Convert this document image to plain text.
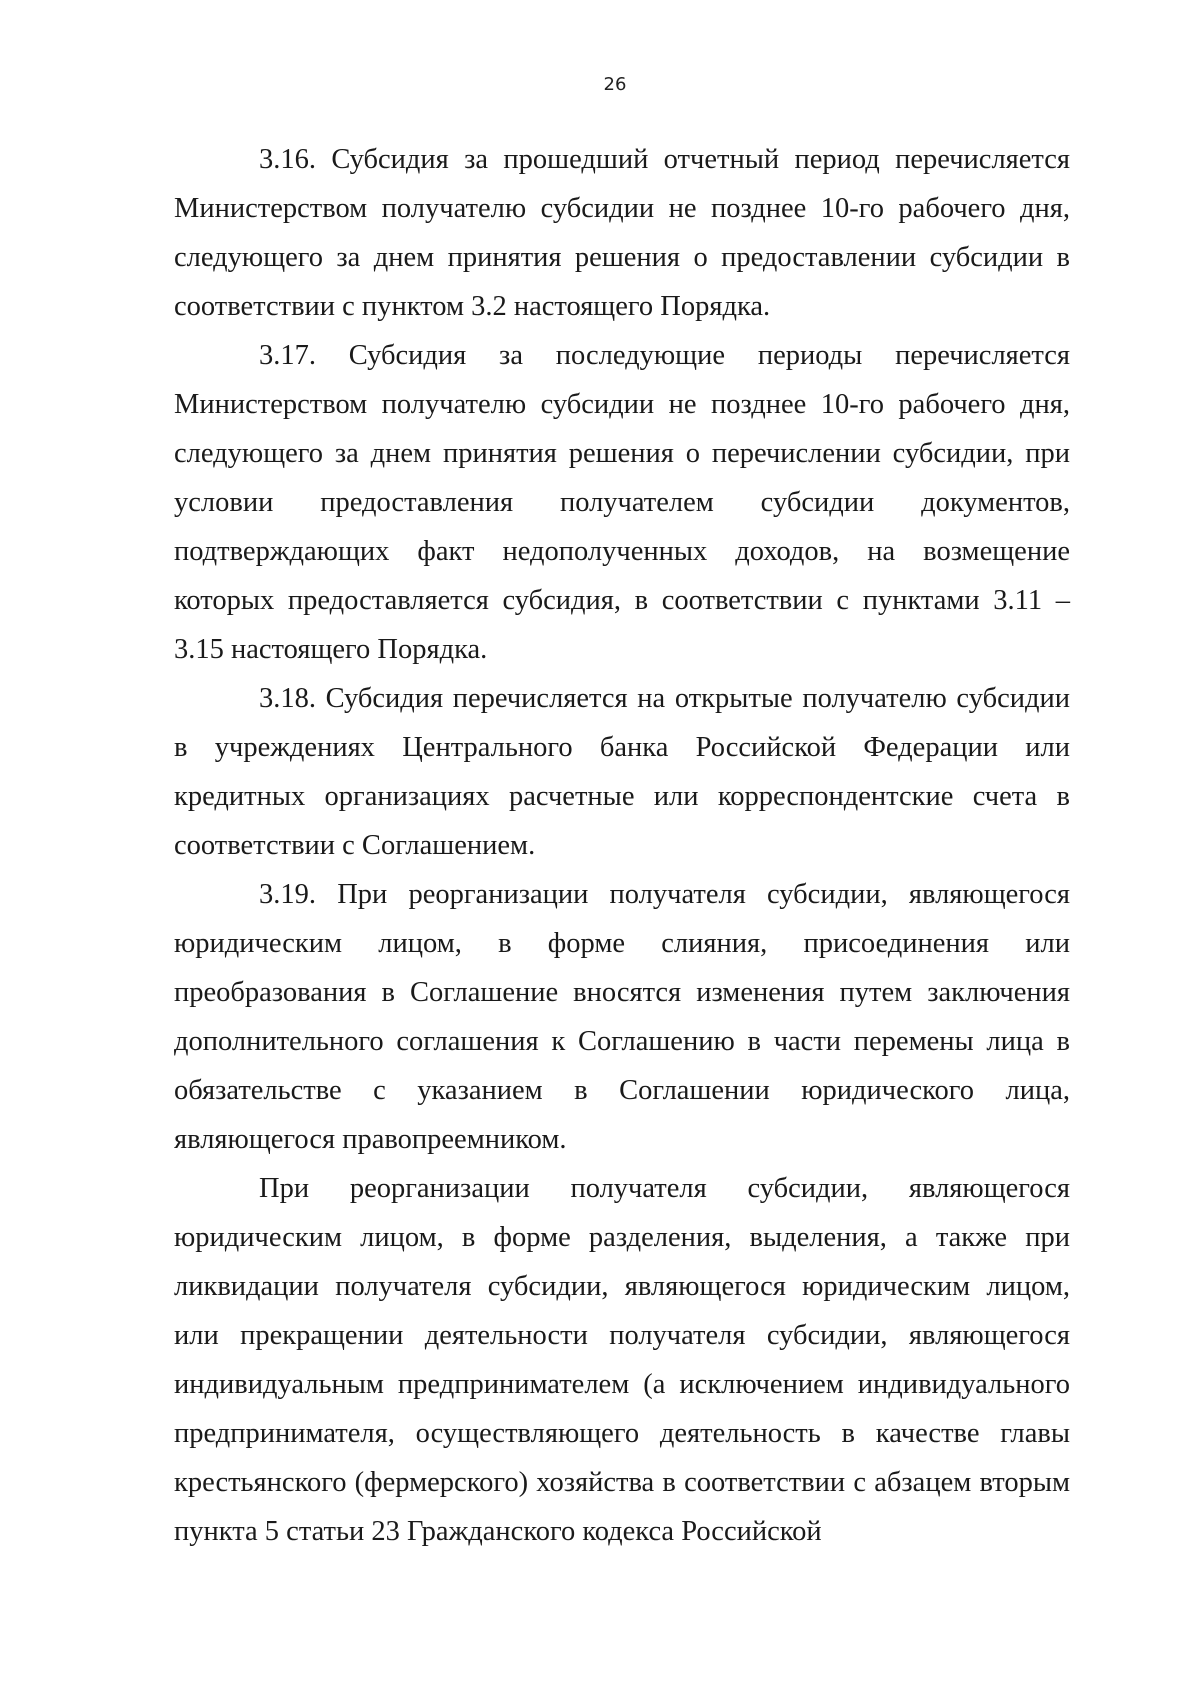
26

3.16. Субсидия за прошедший отчетный период перечисляется Министерством получателю субсидии не позднее 10-го рабочего дня, следующего за днем принятия решения о предоставлении субсидии в соответствии с пунктом 3.2 настоящего Порядка.

3.17. Субсидия за последующие периоды перечисляется Министерством получателю субсидии не позднее 10-го рабочего дня, следующего за днем принятия решения о перечислении субсидии, при условии предоставления получателем субсидии документов, подтверждающих факт недополученных доходов, на возмещение которых предоставляется субсидия, в соответствии с пунктами 3.11 – 3.15 настоящего Порядка.

3.18. Субсидия перечисляется на открытые получателю субсидии в учреждениях Центрального банка Российской Федерации или кредитных организациях расчетные или корреспондентские счета в соответствии с Соглашением.

3.19. При реорганизации получателя субсидии, являющегося юридическим лицом, в форме слияния, присоединения или преобразования в Соглашение вносятся изменения путем заключения дополнительного соглашения к Соглашению в части перемены лица в обязательстве с указанием в Соглашении юридического лица, являющегося правопреемником.

При реорганизации получателя субсидии, являющегося юридическим лицом, в форме разделения, выделения, а также при ликвидации получателя субсидии, являющегося юридическим лицом, или прекращении деятельности получателя субсидии, являющегося индивидуальным предпринимателем (а исключением индивидуального предпринимателя, осуществляющего деятельность в качестве главы крестьянского (фермерского) хозяйства в соответствии с абзацем вторым пункта 5 статьи 23 Гражданского кодекса Российской
